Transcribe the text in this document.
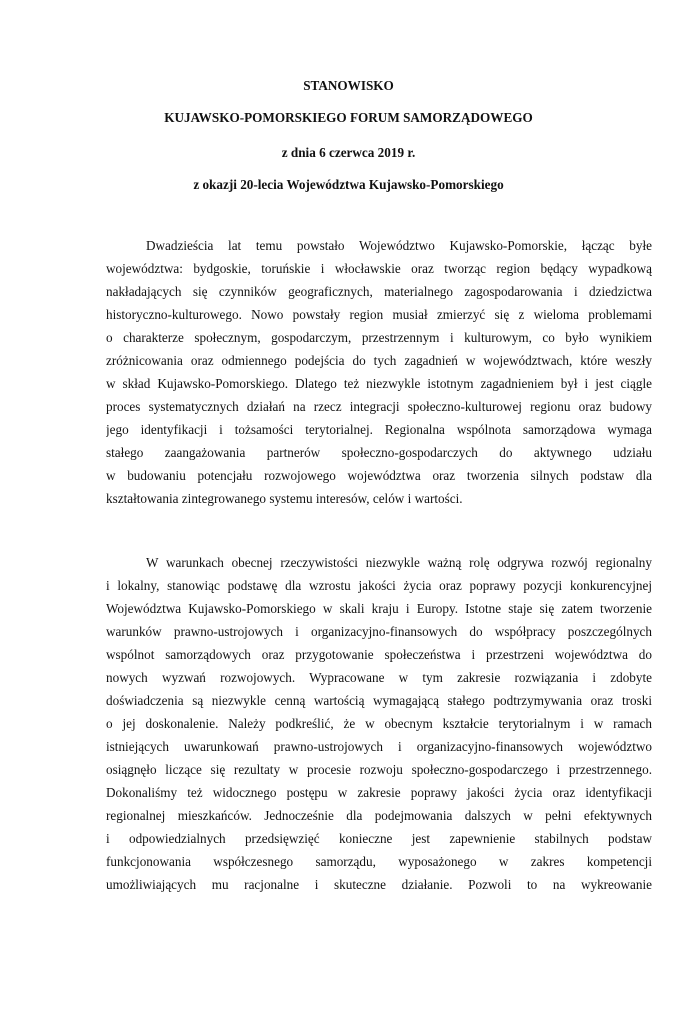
STANOWISKO
KUJAWSKO-POMORSKIEGO FORUM SAMORZĄDOWEGO
z dnia 6 czerwca 2019 r.
z okazji 20-lecia Województwa Kujawsko-Pomorskiego
Dwadzieścia lat temu powstało Województwo Kujawsko-Pomorskie, łącząc byłe
województwa: bydgoskie, toruńskie i włocławskie oraz tworząc region będący wypadkową
nakładających się czynników geograficznych, materialnego zagospodarowania i dziedzictwa
historyczno-kulturowego. Nowo powstały region musiał zmierzyć się z wieloma problemami
o charakterze społecznym, gospodarczym, przestrzennym i kulturowym, co było wynikiem
zróżnicowania oraz odmiennego podejścia do tych zagadnień w województwach, które weszły
w skład Kujawsko-Pomorskiego. Dlatego też niezwykle istotnym zagadnieniem był i jest ciągle
proces systematycznych działań na rzecz integracji społeczno-kulturowej regionu oraz budowy
jego identyfikacji i tożsamości terytorialnej. Regionalna wspólnota samorządowa wymaga
stałego zaangażowania partnerów społeczno-gospodarczych do aktywnego udziału
w budowaniu potencjału rozwojowego województwa oraz tworzenia silnych podstaw dla
kształtowania zintegrowanego systemu interesów, celów i wartości.
W warunkach obecnej rzeczywistości niezwykle ważną rolę odgrywa rozwój regionalny
i lokalny, stanowiąc podstawę dla wzrostu jakości życia oraz poprawy pozycji konkurencyjnej
Województwa Kujawsko-Pomorskiego w skali kraju i Europy. Istotne staje się zatem tworzenie
warunków prawno-ustrojowych i organizacyjno-finansowych do współpracy poszczególnych
wspólnot samorządowych oraz przygotowanie społeczeństwa i przestrzeni województwa do
nowych wyzwań rozwojowych. Wypracowane w tym zakresie rozwiązania i zdobyte
doświadczenia są niezwykle cenną wartością wymagającą stałego podtrzymywania oraz troski
o jej doskonalenie. Należy podkreślić, że w obecnym kształcie terytorialnym i w ramach
istniejących uwarunkowań prawno-ustrojowych i organizacyjno-finansowych województwo
osiągnęło liczące się rezultaty w procesie rozwoju społeczno-gospodarczego i przestrzennego.
Dokonaliśmy też widocznego postępu w zakresie poprawy jakości życia oraz identyfikacji
regionalnej mieszkańców. Jednocześnie dla podejmowania dalszych w pełni efektywnych
i odpowiedzialnych przedsięwzięć konieczne jest zapewnienie stabilnych podstaw
funkcjonowania współczesnego samorządu, wyposażonego w zakres kompetencji
umożliwiających mu racjonalne i skuteczne działanie. Pozwoli to na wykreowanie
